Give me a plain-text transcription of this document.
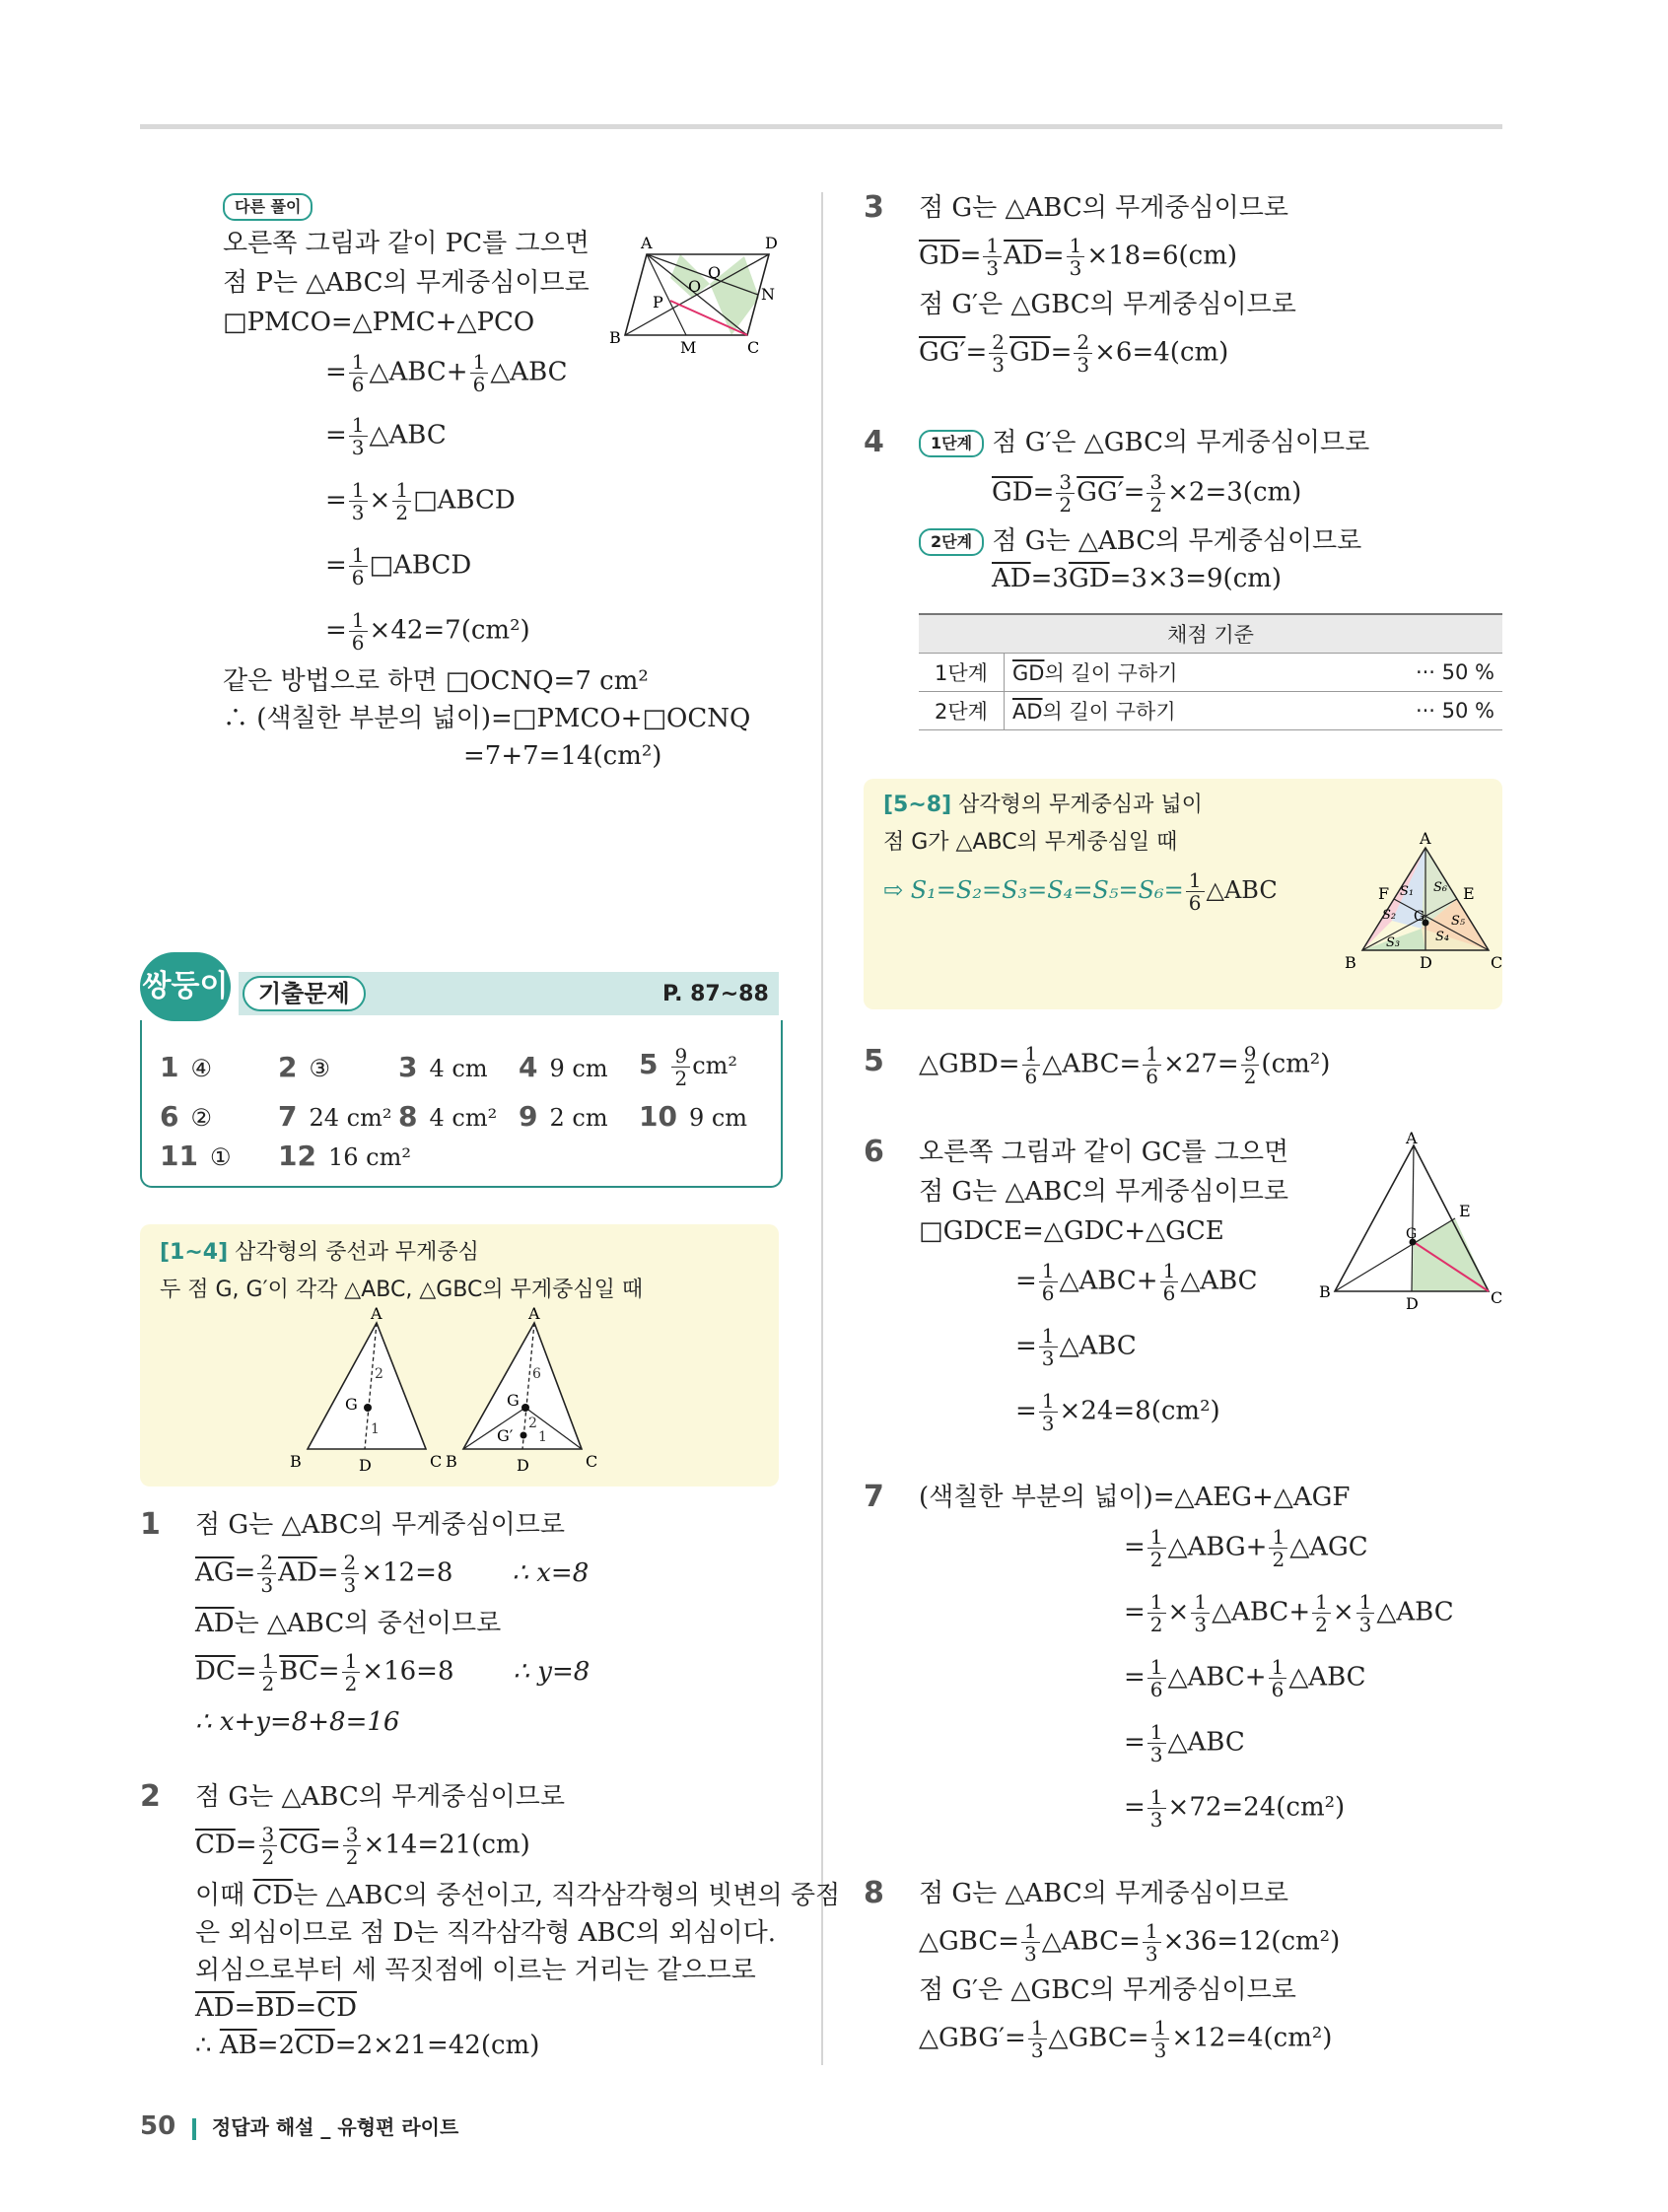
다른 풀이
오른쪽 그림과 같이 PC를 그으면
점 P는 △ABC의 무게중심이므로
□PMCO=△PMC+△PCO
= $\frac{1}{6}$ △ABC+ $\frac{1}{6}$ △ABC
= $\frac{1}{3}$ △ABC
= $\frac{1}{3} \times \frac{1}{2}$ □ABCD
= $\frac{1}{6}$ □ABCD
= $\frac{1}{6} \times 42=7(cm^2)$
같은 방법으로 하면 □OCNQ=7 cm²
∴ (색칠한 부분의 넓이)=□PMCO+□OCNQ
=7+7=14(cm²)
A	D
B
C
M
N
Q
O
P
쌍둥이	기출문제	P. 87~88
1 ④ 2 ③ 3 4 cm 4 9 cm $5 \frac{9}{2} cm^2$
6 ② 7 24 cm² 8 4 cm² 9 2 cm 10 9 cm
11 ① 12 16 cm²
[1~4] 삼각형의 중선과 무게중심
두 점 G, G′이 각각 △ABC, △GBC의 무게중심일 때
A
B	C
D
G
2
1
A
B	C
D
G
G′
6
2
1
1 점 G는 △ABC의 무게중심이므로
$\overline{AG}= \frac{2}{3} \overline{AD}= \frac{2}{3} \times 12=8$ ∴ x=8
$\overline{AD}$는 △ABC의 중선이므로
$\overline{DC}= \frac{1}{2} \overline{BC}= \frac{1}{2} \times 16=8$ ∴ y=8
∴ x+y=8+8=16
2 점 G는 △ABC의 무게중심이므로
$\overline{CD}= \frac{3}{2} \overline{CG}= \frac{3}{2} \times 14=21(cm)$
이때 $\overline{CD}$는 △ABC의 중선이고, 직각삼각형의 빗변의 중점
은 외심이므로 점 D는 직각삼각형 ABC의 외심이다.
외심으로부터 세 꼭짓점에 이르는 거리는 같으므로
$\overline{AD}=\overline{BD}=\overline{CD}$
∴ $\overline{AB}=2\overline{CD}=2\times 21=42(cm)$
3 점 G는 △ABC의 무게중심이므로
$\overline{GD}= \frac{1}{3} \overline{AD}= \frac{1}{3} \times 18=6(cm)$
점 G′은 △GBC의 무게중심이므로
$GG'= \frac{2}{3} \overline{GD}= \frac{2}{3} \times 6=4(cm)$
4	1단계 점 G′은 △GBC의 무게중심이므로
$\overline{GD}= \frac{3}{2} GG'= \frac{3}{2} \times 2=3(cm)$
2단계 점 G는 △ABC의 무게중심이므로
$\overline{AD}=3\overline{GD}=3\times 3=9(cm)$
채점 기준		
1단계	$\overline{GD}$의 길이 구하기	··· 50 %
2단계	$\overline{AD}$의 길이 구하기	··· 50 %
[5~8] 삼각형의 무게중심과 넓이
점 G가 △ABC의 무게중심일 때
⇨ $S_1=S_2=S_3=S_4=S_5=S_6= \frac{1}{6}$ △ABC
A
B	C
D
E
F
G
S₁
S₂
S₃	S₄
S₅
S₆
5 △GBD= $\frac{1}{6}$ △ABC= $\frac{1}{6} \times 27= \frac{9}{2} (cm^2)$
6 오른쪽 그림과 같이 GC를 그으면
점 G는 △ABC의 무게중심이므로
□GDCE=△GDC+△GCE
= $\frac{1}{6}$ △ABC+ $\frac{1}{6}$ △ABC
= $\frac{1}{3}$ △ABC
= $\frac{1}{3} \times 24=8(cm^2)$
A
B	C
D
E
G
7 (색칠한 부분의 넓이)=△AEG+△AGF
= $\frac{1}{2}$ △ABG+ $\frac{1}{2}$ △AGC
= $\frac{1}{2} \times \frac{1}{3}$ △ABC+ $\frac{1}{2} \times \frac{1}{3}$ △ABC
= $\frac{1}{6}$ △ABC+ $\frac{1}{6}$ △ABC
= $\frac{1}{3}$ △ABC
= $\frac{1}{3} \times 72=24(cm^2)$
8 점 G는 △ABC의 무게중심이므로
△GBC= $\frac{1}{3}$ △ABC= $\frac{1}{3} \times 36=12(cm^2)$
점 G′은 △GBC의 무게중심이므로
△GBG′= $\frac{1}{3}$ △GBC= $\frac{1}{3} \times 12=4(cm^2)$
50 정답과 해설 _ 유형편 라이트
